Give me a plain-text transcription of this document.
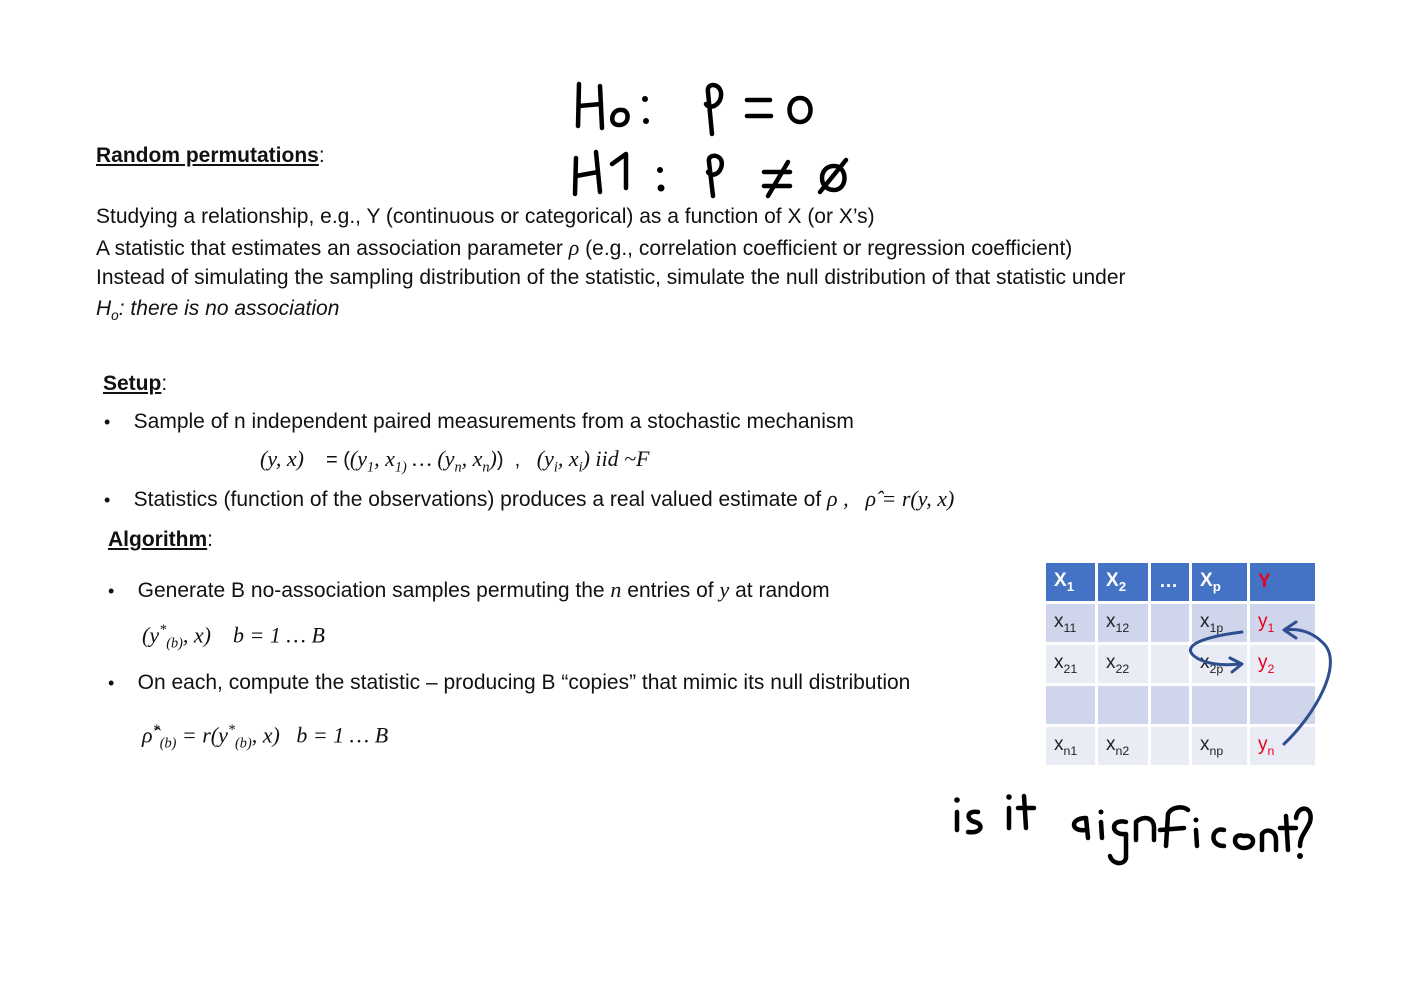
Random permutations:
Studying a relationship, e.g., Y (continuous or categorical) as a function of X (or X’s)
A statistic that estimates an association parameter ρ (e.g., correlation coefficient or regression coefficient)
Instead of simulating the sampling distribution of the statistic, simulate the null distribution of that statistic under
$H_o$: there is no association
Setup:
• Sample of n independent paired measurements from a stochastic mechanism
(y, x)    = (($y_1$, $x_{1)}$ … ($y_n$, $x_n$))  ,   ($y_i$, $x_i$) iid ~F
• Statistics (function of the observations) produces a real valued estimate of ρ ,   ρ̂ = r(y, x)
Algorithm:
• Generate B no-association samples permuting the n entries of y at random
($y^*_{(b)}$, x)    b = 1 … B
• On each, compute the statistic – producing B “copies” that mimic its null distribution
$\rhô^*_{(b)} = r(y^*_{(b)}$, x)   b = 1 … B
$X_1$	$X_2$	…	$X_p$	Y
$x_{11}$	$x_{12}$		$x_{1p}$	$y_1$
$x_{21}$	$x_{22}$		$x_{2p}$	$y_2$

$x_{n1}$	$x_{n2}$		$x_{np}$	$y_n$
